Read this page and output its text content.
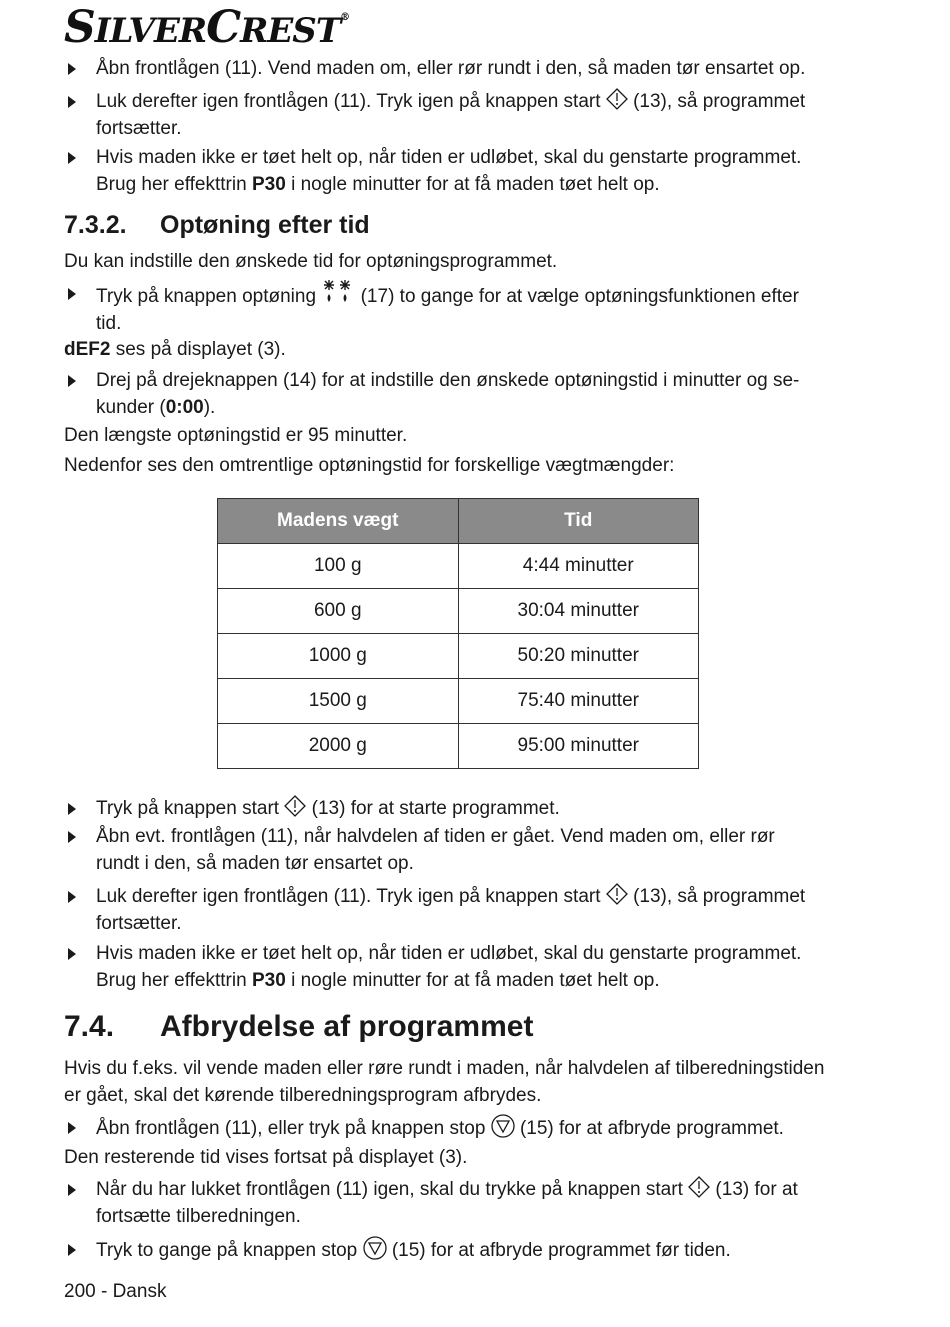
SILVERCREST®
Åbn frontlågen (11). Vend maden om, eller rør rundt i den, så maden tør ensartet op.
Luk derefter igen frontlågen (11). Tryk igen på knappen start (13), så programmet
fortsætter.
Hvis maden ikke er tøet helt op, når tiden er udløbet, skal du genstarte programmet.
Brug her effekttrin P30 i nogle minutter for at få maden tøet helt op.
7.3.2. Optøning efter tid
Du kan indstille den ønskede tid for optøningsprogrammet.
Tryk på knappen optøning (17) to gange for at vælge optøningsfunktionen efter
tid.
dEF2 ses på displayet (3).
Drej på drejeknappen (14) for at indstille den ønskede optøningstid i minutter og se-
kunder (0:00).
Den længste optøningstid er 95 minutter.
Nedenfor ses den omtrentlige optøningstid for forskellige vægtmængder:
Madens vægt	Tid
100 g	4:44 minutter
600 g	30:04 minutter
1000 g	50:20 minutter
1500 g	75:40 minutter
2000 g	95:00 minutter
Tryk på knappen start (13) for at starte programmet.
Åbn evt. frontlågen (11), når halvdelen af tiden er gået. Vend maden om, eller rør
rundt i den, så maden tør ensartet op.
Luk derefter igen frontlågen (11). Tryk igen på knappen start (13), så programmet
fortsætter.
Hvis maden ikke er tøet helt op, når tiden er udløbet, skal du genstarte programmet.
Brug her effekttrin P30 i nogle minutter for at få maden tøet helt op.
7.4. Afbrydelse af programmet
Hvis du f.eks. vil vende maden eller røre rundt i maden, når halvdelen af tilberedningstiden
er gået, skal det kørende tilberedningsprogram afbrydes.
Åbn frontlågen (11), eller tryk på knappen stop (15) for at afbryde programmet.
Den resterende tid vises fortsat på displayet (3).
Når du har lukket frontlågen (11) igen, skal du trykke på knappen start (13) for at
fortsætte tilberedningen.
Tryk to gange på knappen stop (15) for at afbryde programmet før tiden.
200 - Dansk
